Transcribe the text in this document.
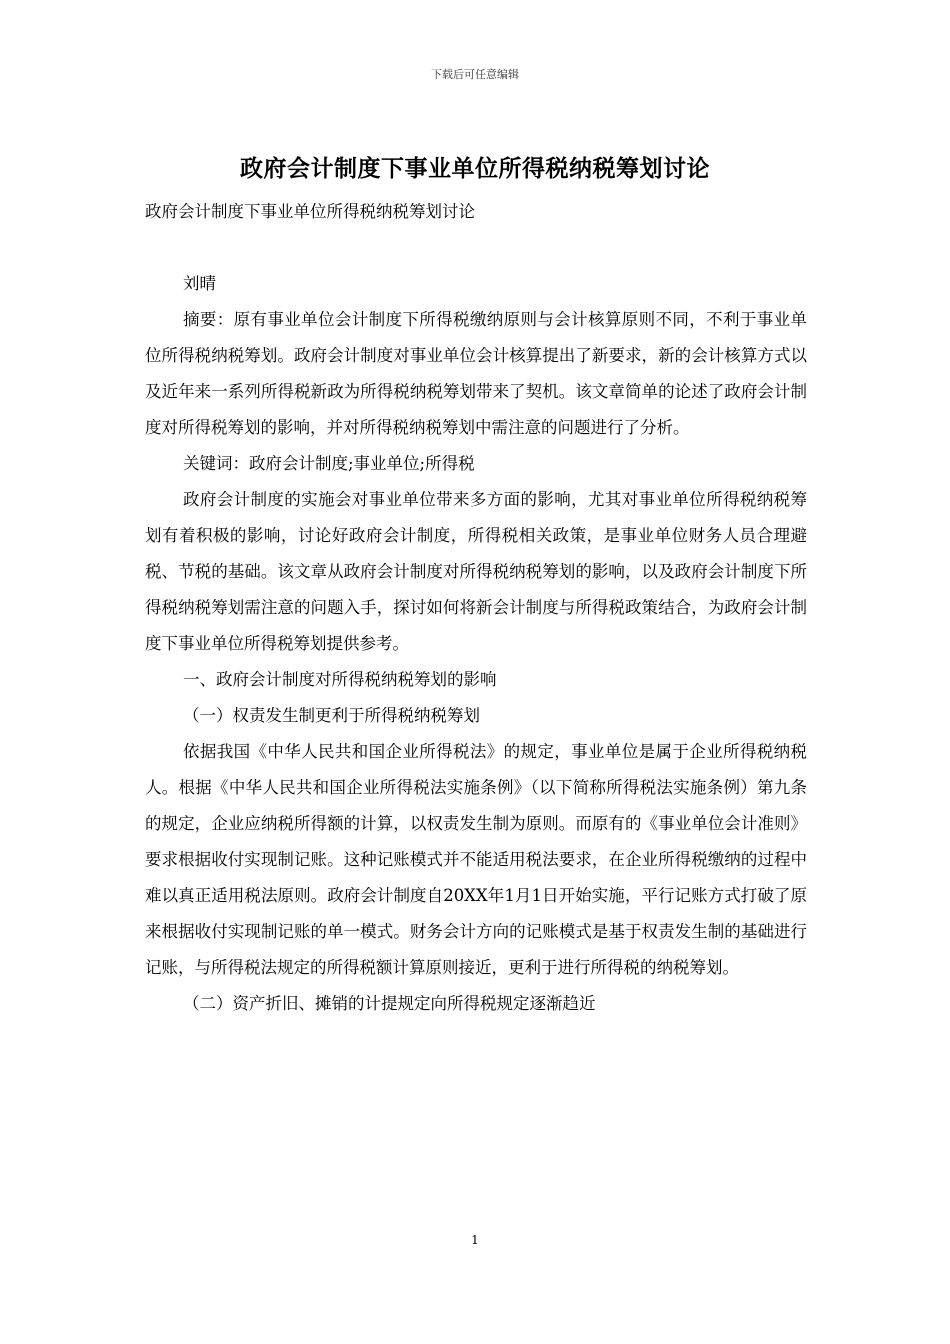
下载后可任意编辑
政府会计制度下事业单位所得税纳税筹划讨论

政府会计制度下事业单位所得税纳税筹划讨论

刘晴

摘要：原有事业单位会计制度下所得税缴纳原则与会计核算原则不同，不利于事业单位所得税纳税筹划。政府会计制度对事业单位会计核算提出了新要求，新的会计核算方式以及近年来一系列所得税新政为所得税纳税筹划带来了契机。该文章简单的论述了政府会计制度对所得税筹划的影响，并对所得税纳税筹划中需注意的问题进行了分析。

关键词：政府会计制度;事业单位;所得税

政府会计制度的实施会对事业单位带来多方面的影响，尤其对事业单位所得税纳税筹划有着积极的影响，讨论好政府会计制度，所得税相关政策，是事业单位财务人员合理避税、节税的基础。该文章从政府会计制度对所得税纳税筹划的影响，以及政府会计制度下所得税纳税筹划需注意的问题入手，探讨如何将新会计制度与所得税政策结合，为政府会计制度下事业单位所得税筹划提供参考。

一、政府会计制度对所得税纳税筹划的影响

（一）权责发生制更利于所得税纳税筹划

依据我国《中华人民共和国企业所得税法》的规定，事业单位是属于企业所得税纳税人。根据《中华人民共和国企业所得税法实施条例》（以下简称所得税法实施条例）第九条的规定，企业应纳税所得额的计算，以权责发生制为原则。而原有的《事业单位会计准则》要求根据收付实现制记账。这种记账模式并不能适用税法要求，在企业所得税缴纳的过程中难以真正适用税法原则。政府会计制度自20XX年1月1日开始实施，平行记账方式打破了原来根据收付实现制记账的单一模式。财务会计方向的记账模式是基于权责发生制的基础进行记账，与所得税法规定的所得税额计算原则接近，更利于进行所得税的纳税筹划。

（二）资产折旧、摊销的计提规定向所得税规定逐渐趋近

1
